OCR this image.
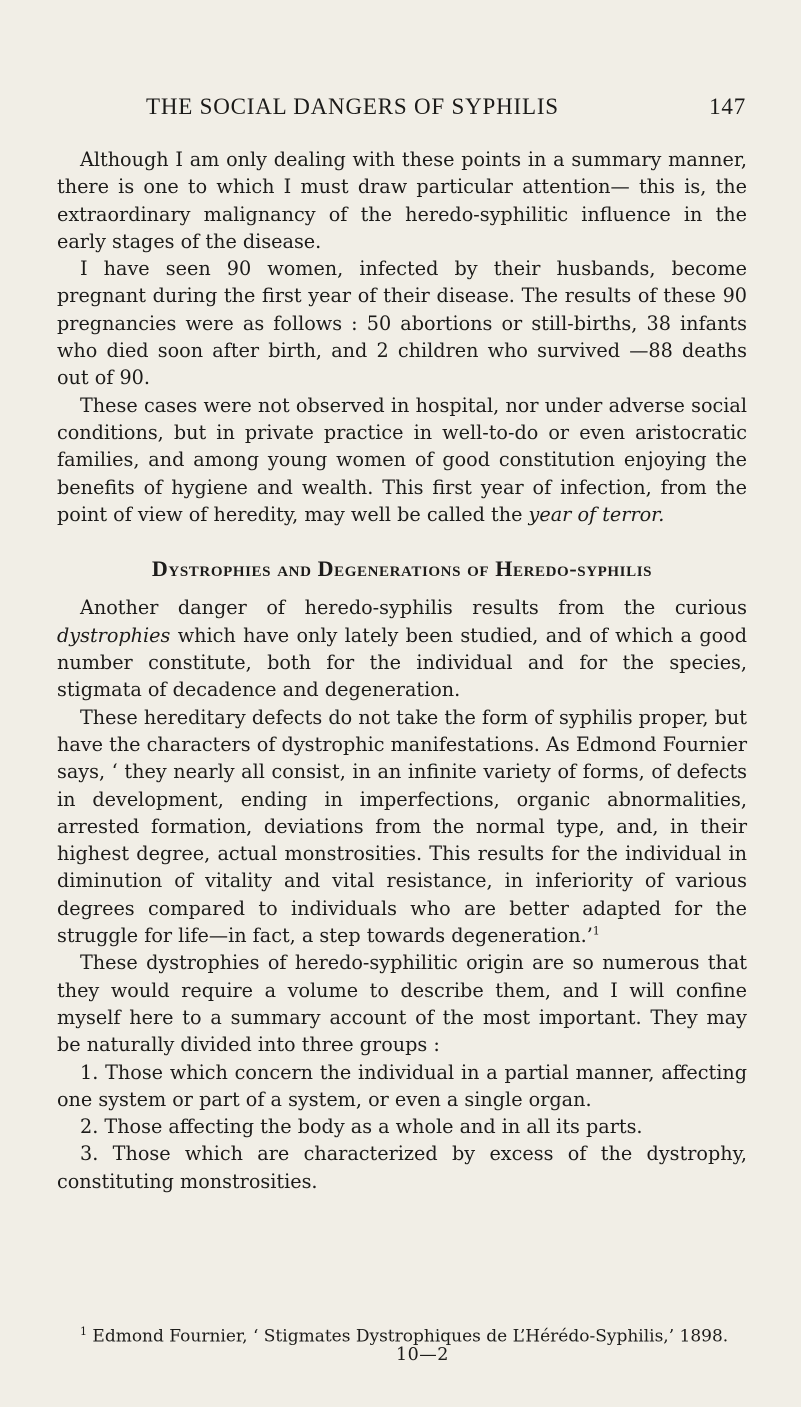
THE SOCIAL DANGERS OF SYPHILIS	147

Although I am only dealing with these points in a summary manner, there is one to which I must draw particular attention— this is, the extraordinary malignancy of the heredo-syphilitic influence in the early stages of the disease.

I have seen 90 women, infected by their husbands, become pregnant during the first year of their disease. The results of these 90 pregnancies were as follows : 50 abortions or still-births, 38 infants who died soon after birth, and 2 children who survived —88 deaths out of 90.

These cases were not observed in hospital, nor under adverse social conditions, but in private practice in well-to-do or even aristocratic families, and among young women of good constitution enjoying the benefits of hygiene and wealth. This first year of infection, from the point of view of heredity, may well be called the year of terror.

Dystrophies and Degenerations of Heredo-syphilis

Another danger of heredo-syphilis results from the curious dystrophies which have only lately been studied, and of which a good number constitute, both for the individual and for the species, stigmata of decadence and degeneration.

These hereditary defects do not take the form of syphilis proper, but have the characters of dystrophic manifestations. As Edmond Fournier says, ‘ they nearly all consist, in an infinite variety of forms, of defects in development, ending in imperfections, organic abnormalities, arrested formation, deviations from the normal type, and, in their highest degree, actual monstrosities. This results for the individual in diminution of vitality and vital resistance, in inferiority of various degrees compared to individuals who are better adapted for the struggle for life—in fact, a step towards degeneration.’$^1$

These dystrophies of heredo-syphilitic origin are so numerous that they would require a volume to describe them, and I will confine myself here to a summary account of the most important. They may be naturally divided into three groups :

1. Those which concern the individual in a partial manner, affecting one system or part of a system, or even a single organ.

2. Those affecting the body as a whole and in all its parts.

3. Those which are characterized by excess of the dystrophy, constituting monstrosities.

$^1$ Edmond Fournier, ‘ Stigmates Dystrophiques de L’Hérédo-Syphilis,’ 1898.
10—2
